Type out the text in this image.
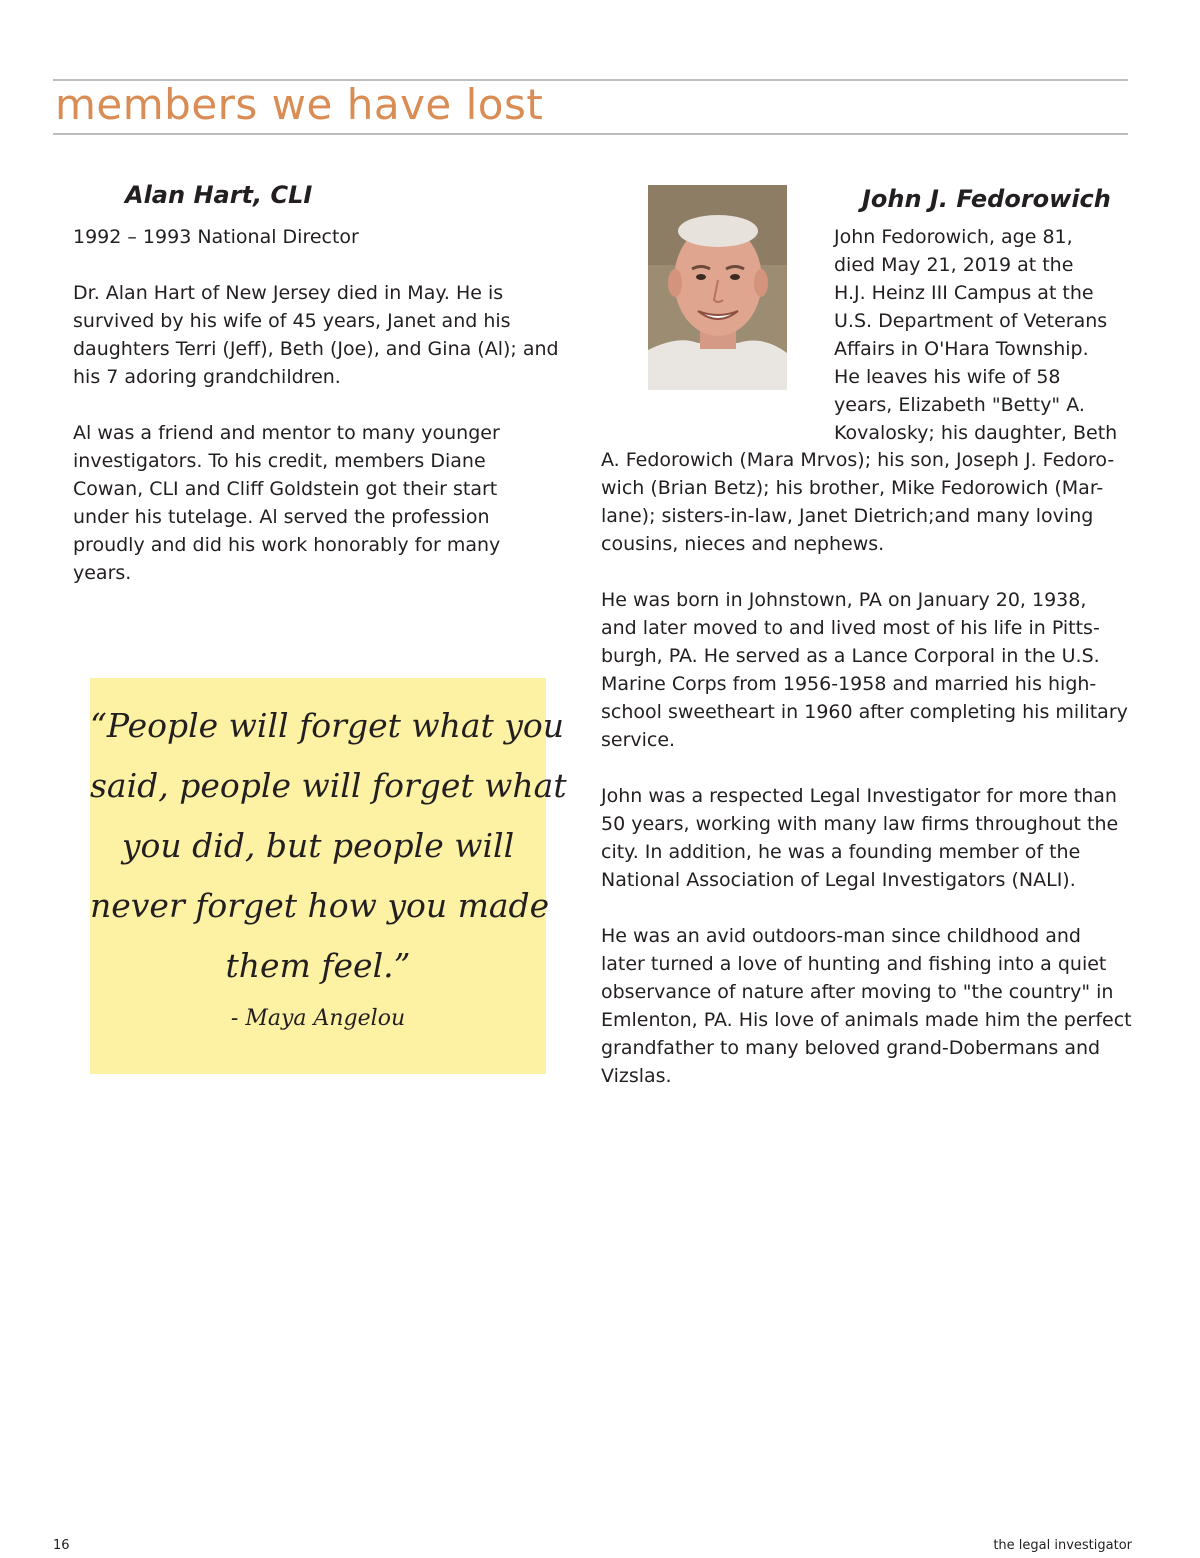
members we have lost
Alan Hart, CLI

1992 – 1993 National Director

Dr. Alan Hart of New Jersey died in May. He is survived by his wife of 45 years, Janet and his daughters Terri (Jeff), Beth (Joe), and Gina (Al); and his 7 adoring grandchildren.

Al was a friend and mentor to many younger investigators. To his credit, members Diane Cowan, CLI and Cliff Goldstein got their start under his tutelage. Al served the profession proudly and did his work honorably for many years.

“People will forget what you
said, people will forget what
you did, but people will
never forget how you made
them feel.”

- Maya Angelou
John J. Fedorowich

John Fedorowich, age 81,

died May 21, 2019 at the

H.J. Heinz III Campus at the

U.S. Department of Veterans

Affairs in O'Hara Township.

He leaves his wife of 58

years, Elizabeth "Betty" A.

Kovalosky; his daughter, Beth

A. Fedorowich (Mara Mrvos); his son, Joseph J. Fedoro-

wich (Brian Betz); his brother, Mike Fedorowich (Mar-

lane); sisters-in-law, Janet Dietrich;and many loving

cousins, nieces and nephews.

He was born in Johnstown, PA on January 20, 1938,

and later moved to and lived most of his life in Pitts-

burgh, PA. He served as a Lance Corporal in the U.S.

Marine Corps from 1956-1958 and married his high-

school sweetheart in 1960 after completing his military

service.

John was a respected Legal Investigator for more than

50 years, working with many law firms throughout the

city. In addition, he was a founding member of the

National Association of Legal Investigators (NALI).

He was an avid outdoors-man since childhood and

later turned a love of hunting and fishing into a quiet

observance of nature after moving to "the country" in

Emlenton, PA. His love of animals made him the perfect

grandfather to many beloved grand-Dobermans and

Vizslas.

16	the legal investigator
